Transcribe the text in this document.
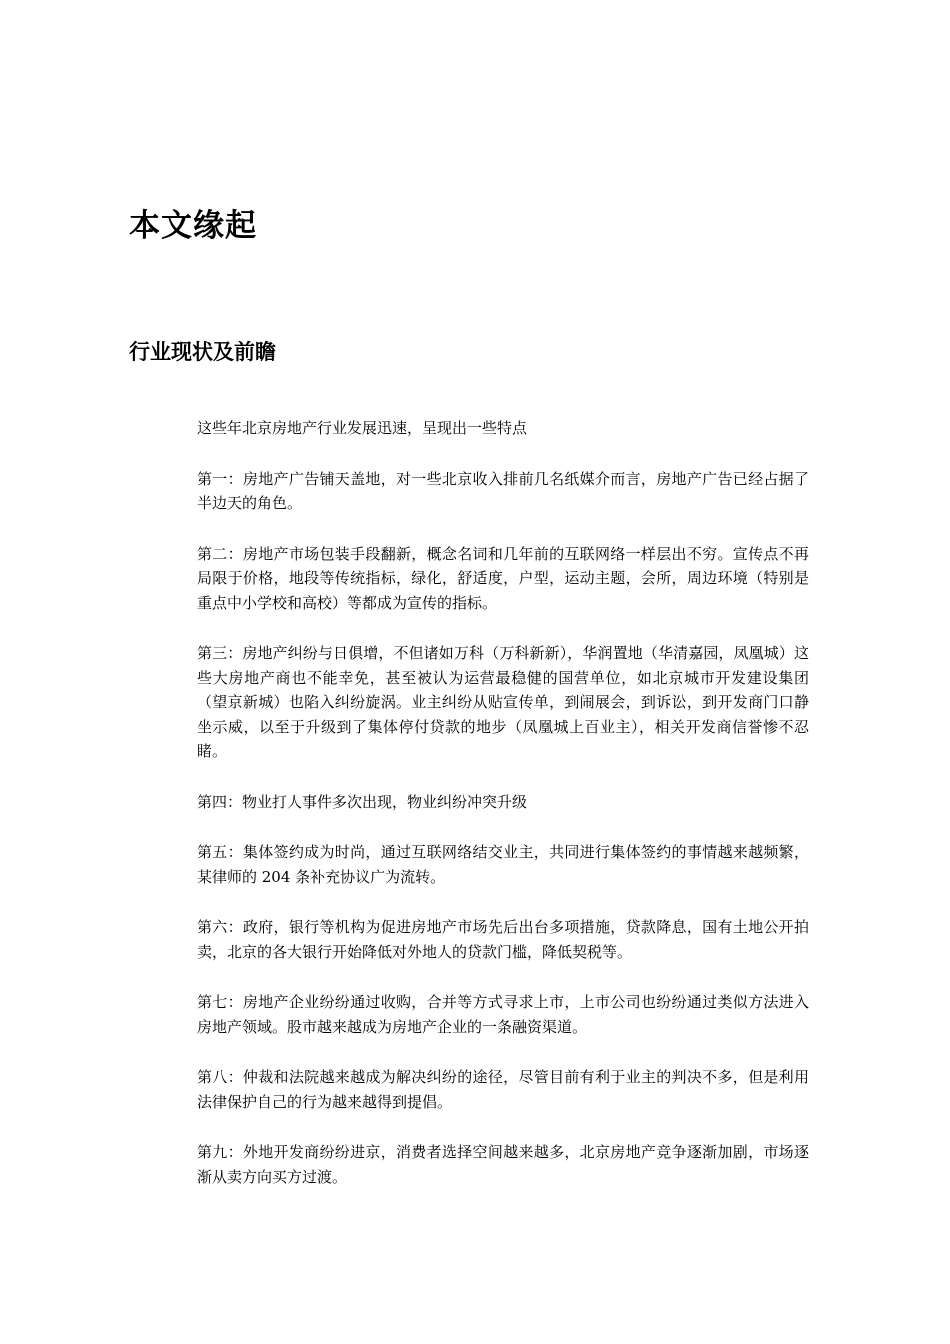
本文缘起
行业现状及前瞻

这些年北京房地产行业发展迅速，呈现出一些特点

第一：房地产广告铺天盖地，对一些北京收入排前几名纸媒介而言，房地产广告已经占据了半边天的角色。

第二：房地产市场包装手段翻新，概念名词和几年前的互联网络一样层出不穷。宣传点不再局限于价格，地段等传统指标，绿化，舒适度，户型，运动主题，会所，周边环境（特别是重点中小学校和高校）等都成为宣传的指标。

第三：房地产纠纷与日俱增，不但诸如万科（万科新新），华润置地（华清嘉园，凤凰城）这些大房地产商也不能幸免，甚至被认为运营最稳健的国营单位，如北京城市开发建设集团（望京新城）也陷入纠纷旋涡。业主纠纷从贴宣传单，到闹展会，到诉讼，到开发商门口静坐示威，以至于升级到了集体停付贷款的地步（凤凰城上百业主），相关开发商信誉惨不忍睹。

第四：物业打人事件多次出现，物业纠纷冲突升级

第五：集体签约成为时尚，通过互联网络结交业主，共同进行集体签约的事情越来越频繁，某律师的 204 条补充协议广为流转。

第六：政府，银行等机构为促进房地产市场先后出台多项措施，贷款降息，国有土地公开拍卖，北京的各大银行开始降低对外地人的贷款门槛，降低契税等。

第七：房地产企业纷纷通过收购，合并等方式寻求上市，上市公司也纷纷通过类似方法进入房地产领域。股市越来越成为房地产企业的一条融资渠道。

第八：仲裁和法院越来越成为解决纠纷的途径，尽管目前有利于业主的判决不多，但是利用法律保护自己的行为越来越得到提倡。

第九：外地开发商纷纷进京，消费者选择空间越来越多，北京房地产竞争逐渐加剧，市场逐渐从卖方向买方过渡。
